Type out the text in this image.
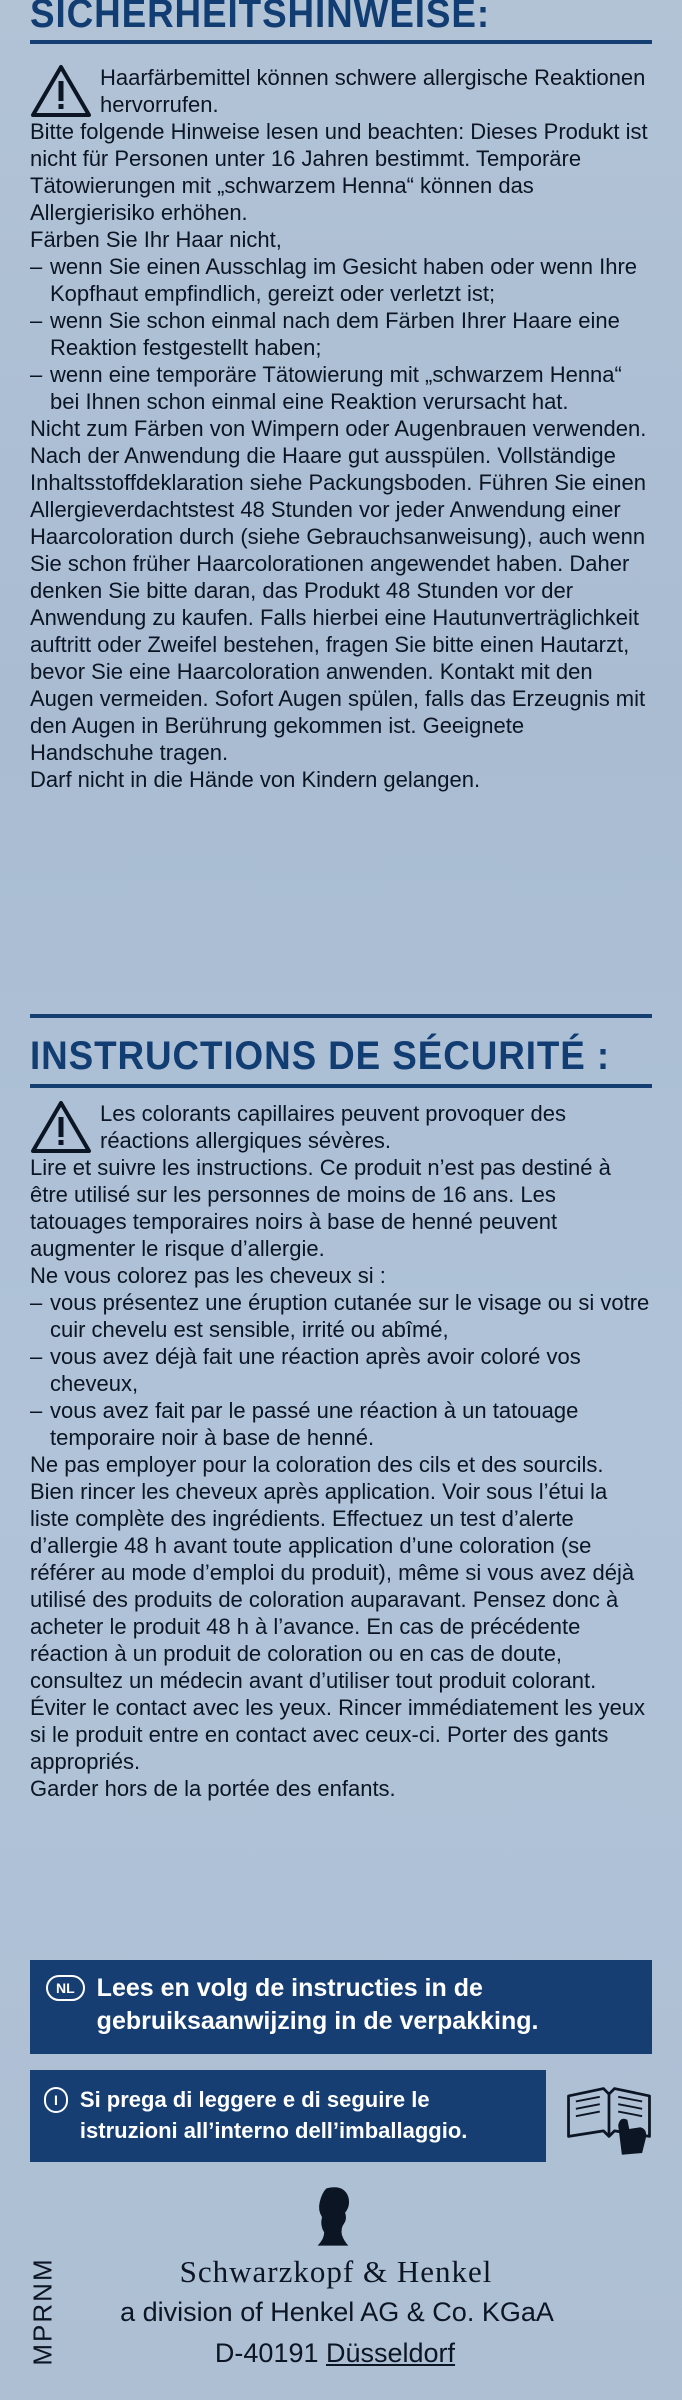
SICHERHEITSHINWEISE:
Haarfärbemittel können schwere allergische Reaktionen hervorrufen.

Bitte folgende Hinweise lesen und beachten: Dieses Produkt ist nicht für Personen unter 16 Jahren bestimmt. Temporäre Tätowierungen mit „schwarzem Henna“ können das Allergierisiko erhöhen.

Färben Sie Ihr Haar nicht,

– wenn Sie einen Ausschlag im Gesicht haben oder wenn Ihre Kopfhaut empfindlich, gereizt oder verletzt ist;
– wenn Sie schon einmal nach dem Färben Ihrer Haare eine Reaktion festgestellt haben;
– wenn eine temporäre Tätowierung mit „schwarzem Henna“ bei Ihnen schon einmal eine Reaktion verursacht hat.

Nicht zum Färben von Wimpern oder Augenbrauen verwenden. Nach der Anwendung die Haare gut ausspülen. Vollständige Inhaltsstoffdeklaration siehe Packungsboden. Führen Sie einen Allergieverdachtstest 48 Stunden vor jeder Anwendung einer Haarcoloration durch (siehe Gebrauchsanweisung), auch wenn Sie schon früher Haarcolorationen angewendet haben. Daher denken Sie bitte daran, das Produkt 48 Stunden vor der Anwendung zu kaufen. Falls hierbei eine Hautunverträglichkeit auftritt oder Zweifel bestehen, fragen Sie bitte einen Hautarzt, bevor Sie eine Haarcoloration anwenden. Kontakt mit den Augen vermeiden. Sofort Augen spülen, falls das Erzeugnis mit den Augen in Berührung gekommen ist. Geeignete Handschuhe tragen.

Darf nicht in die Hände von Kindern gelangen.

INSTRUCTIONS DE SÉCURITÉ :
Les colorants capillaires peuvent provoquer des réactions allergiques sévères.

Lire et suivre les instructions. Ce produit n’est pas destiné à être utilisé sur les personnes de moins de 16 ans. Les tatouages temporaires noirs à base de henné peuvent augmenter le risque d’allergie.

Ne vous colorez pas les cheveux si :

– vous présentez une éruption cutanée sur le visage ou si votre cuir chevelu est sensible, irrité ou abîmé,
– vous avez déjà fait une réaction après avoir coloré vos cheveux,
– vous avez fait par le passé une réaction à un tatouage temporaire noir à base de henné.

Ne pas employer pour la coloration des cils et des sourcils. Bien rincer les cheveux après application. Voir sous l’étui la liste complète des ingrédients. Effectuez un test d’alerte d’allergie 48 h avant toute application d’une coloration (se référer au mode d’emploi du produit), même si vous avez déjà utilisé des produits de coloration auparavant. Pensez donc à acheter le produit 48 h à l’avance. En cas de précédente réaction à un produit de coloration ou en cas de doute, consultez un médecin avant d’utiliser tout produit colorant. Éviter le contact avec les yeux. Rincer immédiatement les yeux si le produit entre en contact avec ceux-ci. Porter des gants appropriés.

Garder hors de la portée des enfants.

NL Lees en volg de instructies in de gebruiksaanwijzing in de verpakking.
I	Si prega di leggere e di seguire le istruzioni all’interno dell’imballaggio.
MPRNM	Schwarzkopf & Henkel
a division of Henkel AG & Co. KGaA
D-40191 Düsseldorf
